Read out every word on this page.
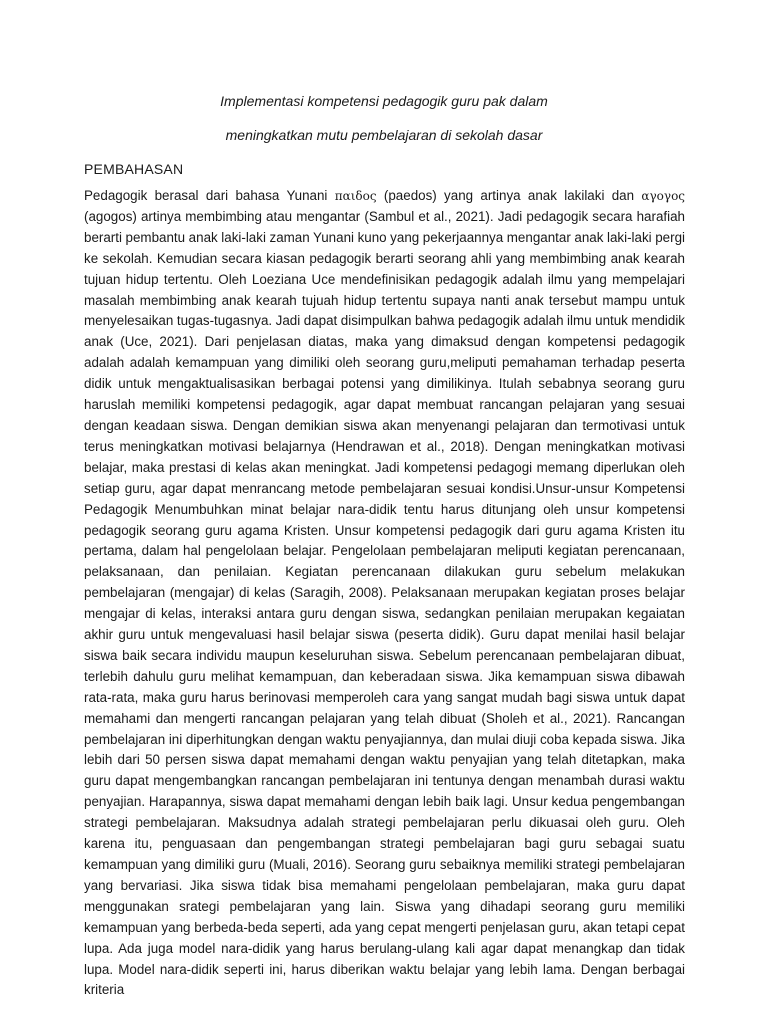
Implementasi kompetensi pedagogik guru pak dalam
meningkatkan mutu pembelajaran di sekolah dasar
PEMBAHASAN

Pedagogik berasal dari bahasa Yunani παιδος (paedos) yang artinya anak lakilaki dan αγογος (agogos) artinya membimbing atau mengantar (Sambul et al., 2021). Jadi pedagogik secara harafiah berarti pembantu anak laki-laki zaman Yunani kuno yang pekerjaannya mengantar anak laki-laki pergi ke sekolah. Kemudian secara kiasan pedagogik berarti seorang ahli yang membimbing anak kearah tujuan hidup tertentu. Oleh Loeziana Uce mendefinisikan pedagogik adalah ilmu yang mempelajari masalah membimbing anak kearah tujuah hidup tertentu supaya nanti anak tersebut mampu untuk menyelesaikan tugas-tugasnya. Jadi dapat disimpulkan bahwa pedagogik adalah ilmu untuk mendidik anak (Uce, 2021). Dari penjelasan diatas, maka yang dimaksud dengan kompetensi pedagogik adalah adalah kemampuan yang dimiliki oleh seorang guru,meliputi pemahaman terhadap peserta didik untuk mengaktualisasikan berbagai potensi yang dimilikinya. Itulah sebabnya seorang guru haruslah memiliki kompetensi pedagogik, agar dapat membuat rancangan pelajaran yang sesuai dengan keadaan siswa. Dengan demikian siswa akan menyenangi pelajaran dan termotivasi untuk terus meningkatkan motivasi belajarnya (Hendrawan et al., 2018). Dengan meningkatkan motivasi belajar, maka prestasi di kelas akan meningkat. Jadi kompetensi pedagogi memang diperlukan oleh setiap guru, agar dapat menrancang metode pembelajaran sesuai kondisi.Unsur-unsur Kompetensi Pedagogik Menumbuhkan minat belajar nara-didik tentu harus ditunjang oleh unsur kompetensi pedagogik seorang guru agama Kristen. Unsur kompetensi pedagogik dari guru agama Kristen itu pertama, dalam hal pengelolaan belajar. Pengelolaan pembelajaran meliputi kegiatan perencanaan, pelaksanaan, dan penilaian. Kegiatan perencanaan dilakukan guru sebelum melakukan pembelajaran (mengajar) di kelas (Saragih, 2008). Pelaksanaan merupakan kegiatan proses belajar mengajar di kelas, interaksi antara guru dengan siswa, sedangkan penilaian merupakan kegaiatan akhir guru untuk mengevaluasi hasil belajar siswa (peserta didik). Guru dapat menilai hasil belajar siswa baik secara individu maupun keseluruhan siswa. Sebelum perencanaan pembelajaran dibuat, terlebih dahulu guru melihat kemampuan, dan keberadaan siswa. Jika kemampuan siswa dibawah rata-rata, maka guru harus berinovasi memperoleh cara yang sangat mudah bagi siswa untuk dapat memahami dan mengerti rancangan pelajaran yang telah dibuat (Sholeh et al., 2021). Rancangan pembelajaran ini diperhitungkan dengan waktu penyajiannya, dan mulai diuji coba kepada siswa. Jika lebih dari 50 persen siswa dapat memahami dengan waktu penyajian yang telah ditetapkan, maka guru dapat mengembangkan rancangan pembelajaran ini tentunya dengan menambah durasi waktu penyajian. Harapannya, siswa dapat memahami dengan lebih baik lagi. Unsur kedua pengembangan strategi pembelajaran. Maksudnya adalah strategi pembelajaran perlu dikuasai oleh guru. Oleh karena itu, penguasaan dan pengembangan strategi pembelajaran bagi guru sebagai suatu kemampuan yang dimiliki guru (Muali, 2016). Seorang guru sebaiknya memiliki strategi pembelajaran yang bervariasi. Jika siswa tidak bisa memahami pengelolaan pembelajaran, maka guru dapat menggunakan srategi pembelajaran yang lain. Siswa yang dihadapi seorang guru memiliki kemampuan yang berbeda-beda seperti, ada yang cepat mengerti penjelasan guru, akan tetapi cepat lupa. Ada juga model nara-didik yang harus berulang-ulang kali agar dapat menangkap dan tidak lupa. Model nara-didik seperti ini, harus diberikan waktu belajar yang lebih lama. Dengan berbagai kriteria
